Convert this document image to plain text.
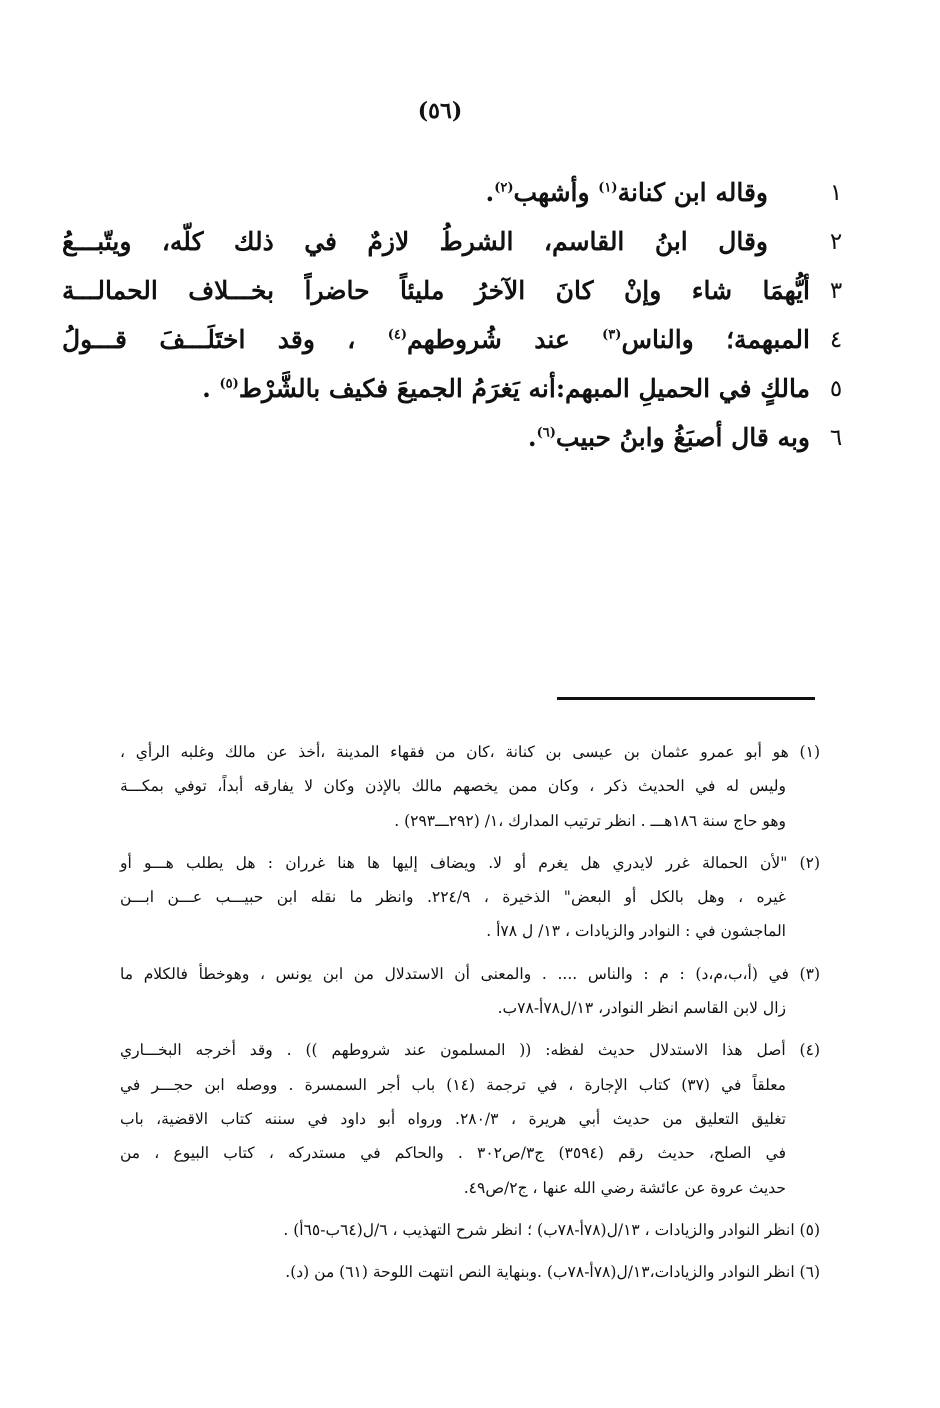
(٥٦)
١
وقاله ابن كنانة$^{(١)}$ وأشهب$^{(٢)}$.
٢
وقال ابنُ القاسم، الشرطُ لازمٌ في ذلك كلّه، ويتّبـــعُ
٣
أيُّهمَا شاء وإنْ كانَ الآخرُ مليئاً حاضراً بخـــلاف الحمالـــة
٤
المبهمة؛ والناس$^{(٣)}$ عند شُروطهم$^{(٤)}$ ، وقد اختَلَـــفَ قـــولُ
٥
مالكٍ في الحميلِ المبهم:أنه يَغرَمُ الجميعَ فكيف بالشَّرْط$^{(٥)}$ .
٦
وبه قال أصبَغُ وابنُ حبيب$^{(٦)}$.
(١) هو أبو عمرو عثمان بن عيسى بن كنانة ،كان من فقهاء المدينة ،أخذ عن مالك وغلبه الرأي ،
وليس له في الحديث ذكر ، وكان ممن يخصهم مالك بالإذن وكان لا يفارقه أبداً، توفي بمكـــة
وهو حاج سنة ١٨٦هـــ . انظر ترتيب المدارك ،١/ (٢٩٢ـــ٢٩٣) .
(٢) "لأن الحمالة غرر لايدري هل يغرم أو لا. ويضاف إليها ها هنا غرران : هل يطلب هـــو أو
غيره ، وهل بالكل أو البعض" الذخيرة ، ٢٢٤/٩. وانظر ما نقله ابن حبيـــب عـــن ابـــن
الماجشون في : النوادر والزيادات ، ١٣/ ل ٧٨أ .
(٣) في (أ،ب،م،د) : م : والناس .... . والمعنى أن الاستدلال من ابن يونس ، وهوخطأ فالكلام ما
زال لابن القاسم انظر النوادر، ١٣/ل٧٨أ-٧٨ب.
(٤) أصل هذا الاستدلال حديث لفظه: (( المسلمون عند شروطهم )) . وقد أخرجه البخـــاري
معلقاً في (٣٧) كتاب الإجارة ، في ترجمة (١٤) باب أجر السمسرة . ووصله ابن حجـــر في
تغليق التعليق من حديث أبي هريرة ، ٢٨٠/٣. ورواه أبو داود في سننه كتاب الاقضية، باب
في الصلح، حديث رقم (٣٥٩٤) ج٣/ص٣٠٢ . والحاكم في مستدركه ، كتاب البيوع ، من
حديث عروة عن عائشة رضي الله عنها ، ج٢/ص٤٩.
(٥) انظر النوادر والزيادات ، ١٣/ل(٧٨أ-٧٨ب) ؛ انظر شرح التهذيب ، ٦/ل(٦٤ب-٦٥أ) .
(٦) انظر النوادر والزيادات،١٣/ل(٧٨أ-٧٨ب) .وبنهاية النص انتهت اللوحة (٦١) من (د).
